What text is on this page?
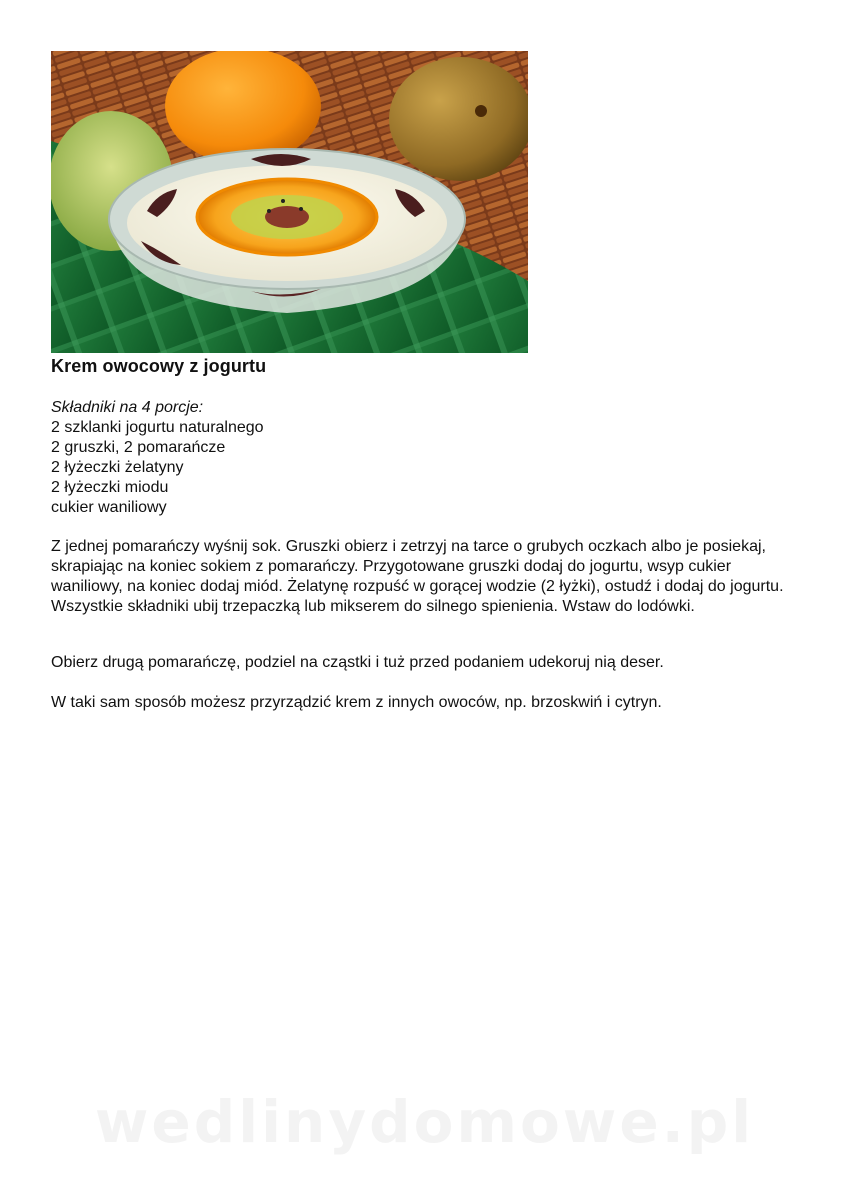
Krem owocowy z jogurtu
Składniki na 4 porcje:
2 szklanki jogurtu naturalnego
2 gruszki, 2 pomarańcze
2 łyżeczki żelatyny
2 łyżeczki miodu
cukier waniliowy

Z jednej pomarańczy wyśnij sok. Gruszki obierz i zetrzyj na tarce o grubych oczkach albo je posiekaj, skrapiając na koniec sokiem z pomarańczy. Przygotowane gruszki dodaj do jogurtu, wsyp cukier waniliowy, na koniec dodaj miód. Żelatynę rozpuść w gorącej wodzie (2 łyżki), ostudź i dodaj do jogurtu. Wszystkie składniki ubij trzepaczką lub mikserem do silnego spienienia. Wstaw do lodówki.

Obierz drugą pomarańczę, podziel na cząstki i tuż przed podaniem udekoruj nią deser.

W taki sam sposób możesz przyrządzić krem z innych owoców, np. brzoskwiń i cytryn.

wedlinydomowe.pl
